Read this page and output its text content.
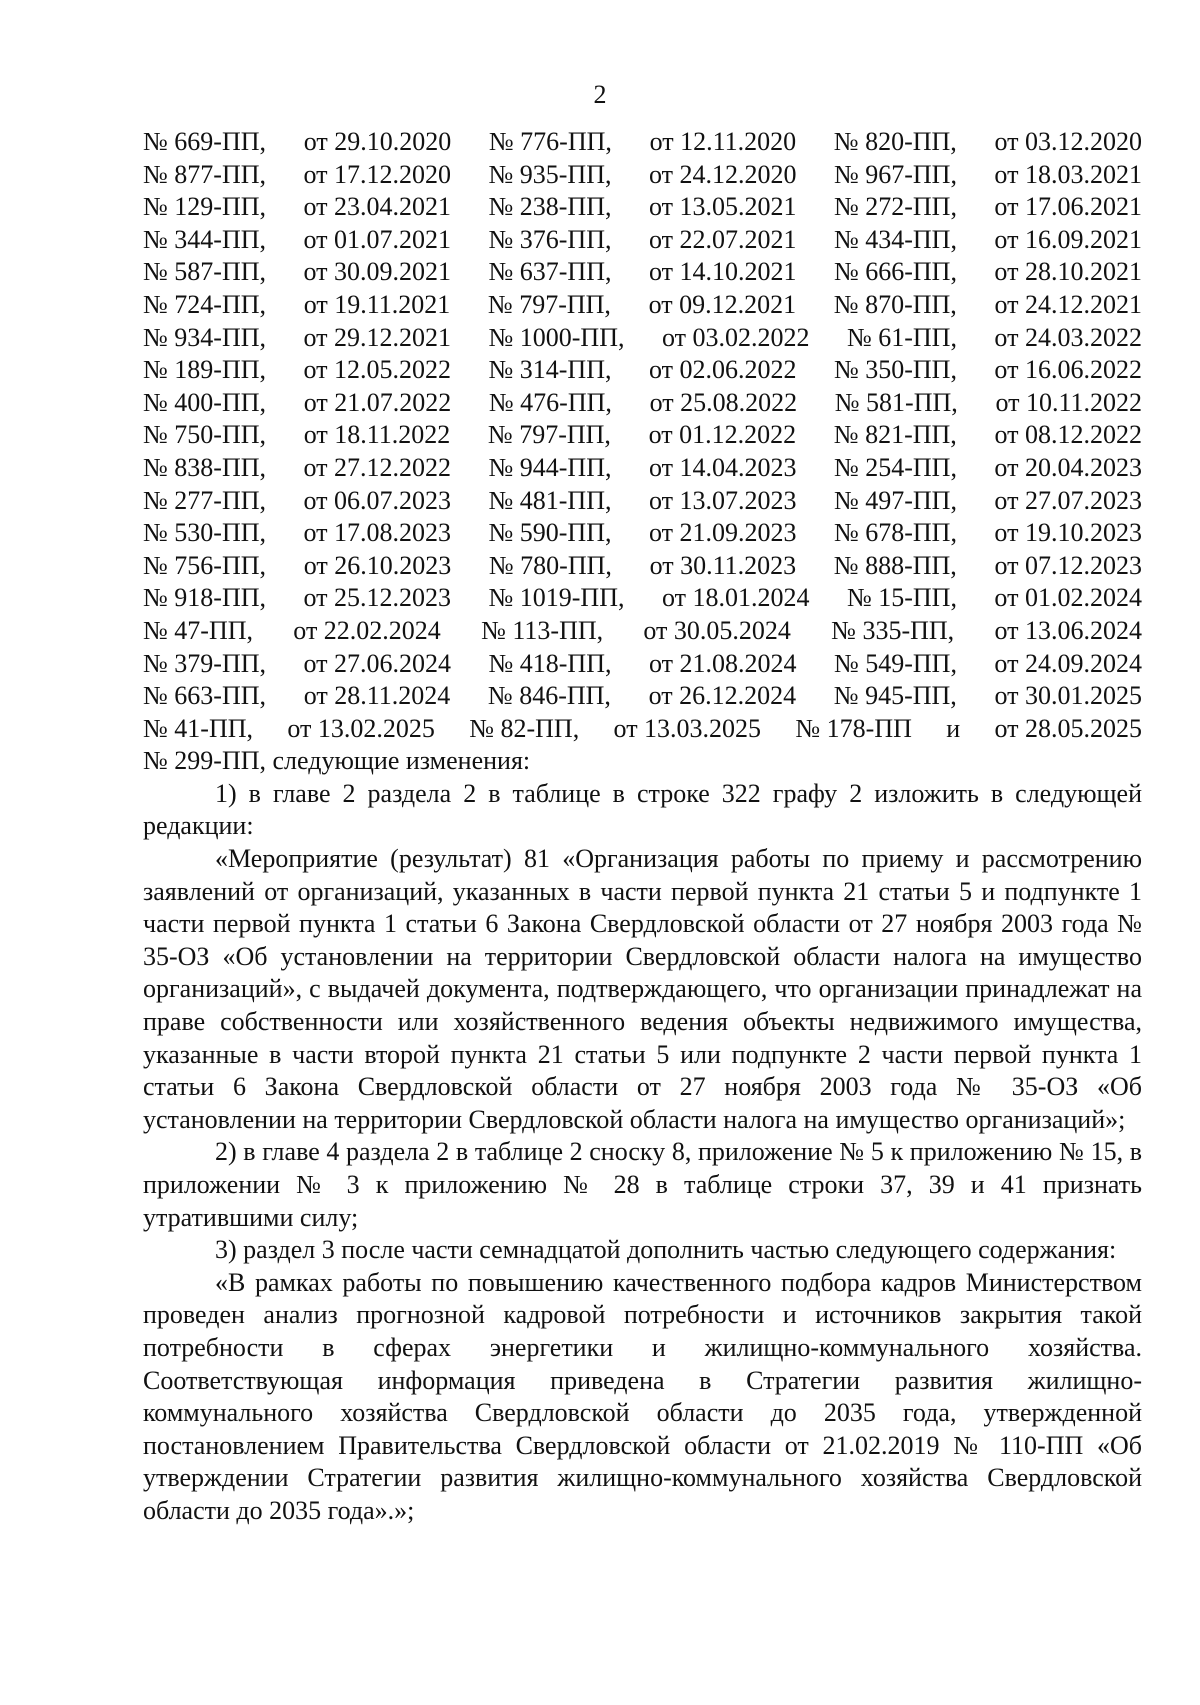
2
№ 669-ПП, от 29.10.2020 № 776-ПП, от 12.11.2020 № 820-ПП, от 03.12.2020
№ 877-ПП, от 17.12.2020 № 935-ПП, от 24.12.2020 № 967-ПП, от 18.03.2021
№ 129-ПП, от 23.04.2021 № 238-ПП, от 13.05.2021 № 272-ПП, от 17.06.2021
№ 344-ПП, от 01.07.2021 № 376-ПП, от 22.07.2021 № 434-ПП, от 16.09.2021
№ 587-ПП, от 30.09.2021 № 637-ПП, от 14.10.2021 № 666-ПП, от 28.10.2021
№ 724-ПП, от 19.11.2021 № 797-ПП, от 09.12.2021 № 870-ПП, от 24.12.2021
№ 934-ПП, от 29.12.2021 № 1000-ПП, от 03.02.2022 № 61-ПП, от 24.03.2022
№ 189-ПП, от 12.05.2022 № 314-ПП, от 02.06.2022 № 350-ПП, от 16.06.2022
№ 400-ПП, от 21.07.2022 № 476-ПП, от 25.08.2022 № 581-ПП, от 10.11.2022
№ 750-ПП, от 18.11.2022 № 797-ПП, от 01.12.2022 № 821-ПП, от 08.12.2022
№ 838-ПП, от 27.12.2022 № 944-ПП, от 14.04.2023 № 254-ПП, от 20.04.2023
№ 277-ПП, от 06.07.2023 № 481-ПП, от 13.07.2023 № 497-ПП, от 27.07.2023
№ 530-ПП, от 17.08.2023 № 590-ПП, от 21.09.2023 № 678-ПП, от 19.10.2023
№ 756-ПП, от 26.10.2023 № 780-ПП, от 30.11.2023 № 888-ПП, от 07.12.2023
№ 918-ПП, от 25.12.2023 № 1019-ПП, от 18.01.2024 № 15-ПП, от 01.02.2024
№ 47-ПП, от 22.02.2024 № 113-ПП, от 30.05.2024 № 335-ПП, от 13.06.2024
№ 379-ПП, от 27.06.2024 № 418-ПП, от 21.08.2024 № 549-ПП, от 24.09.2024
№ 663-ПП, от 28.11.2024 № 846-ПП, от 26.12.2024 № 945-ПП, от 30.01.2025
№ 41-ПП, от 13.02.2025 № 82-ПП, от 13.03.2025 № 178-ПП и от 28.05.2025

№ 299-ПП, следующие изменения:

1) в главе 2 раздела 2 в таблице в строке 322 графу 2 изложить в следующей редакции:

«Мероприятие (результат) 81 «Организация работы по приему и рассмотрению заявлений от организаций, указанных в части первой пункта 21 статьи 5 и подпункте 1 части первой пункта 1 статьи 6 Закона Свердловской области от 27 ноября 2003 года № 35-ОЗ «Об установлении на территории Свердловской области налога на имущество организаций», с выдачей документа, подтверждающего, что организации принадлежат на праве собственности или хозяйственного ведения объекты недвижимого имущества, указанные в части второй пункта 21 статьи 5 или подпункте 2 части первой пункта 1 статьи 6 Закона Свердловской области от 27 ноября 2003 года № 35-ОЗ «Об установлении на территории Свердловской области налога на имущество организаций»;

2) в главе 4 раздела 2 в таблице 2 сноску 8, приложение № 5 к приложению № 15, в приложении № 3 к приложению № 28 в таблице строки 37, 39 и 41 признать утратившими силу;

3) раздел 3 после части семнадцатой дополнить частью следующего содержания:

«В рамках работы по повышению качественного подбора кадров Министерством проведен анализ прогнозной кадровой потребности и источников закрытия такой потребности в сферах энергетики и жилищно-коммунального хозяйства. Соответствующая информация приведена в Стратегии развития жилищно-коммунального хозяйства Свердловской области до 2035 года, утвержденной постановлением Правительства Свердловской области от 21.02.2019 № 110-ПП «Об утверждении Стратегии развития жилищно-коммунального хозяйства Свердловской области до 2035 года».»;
